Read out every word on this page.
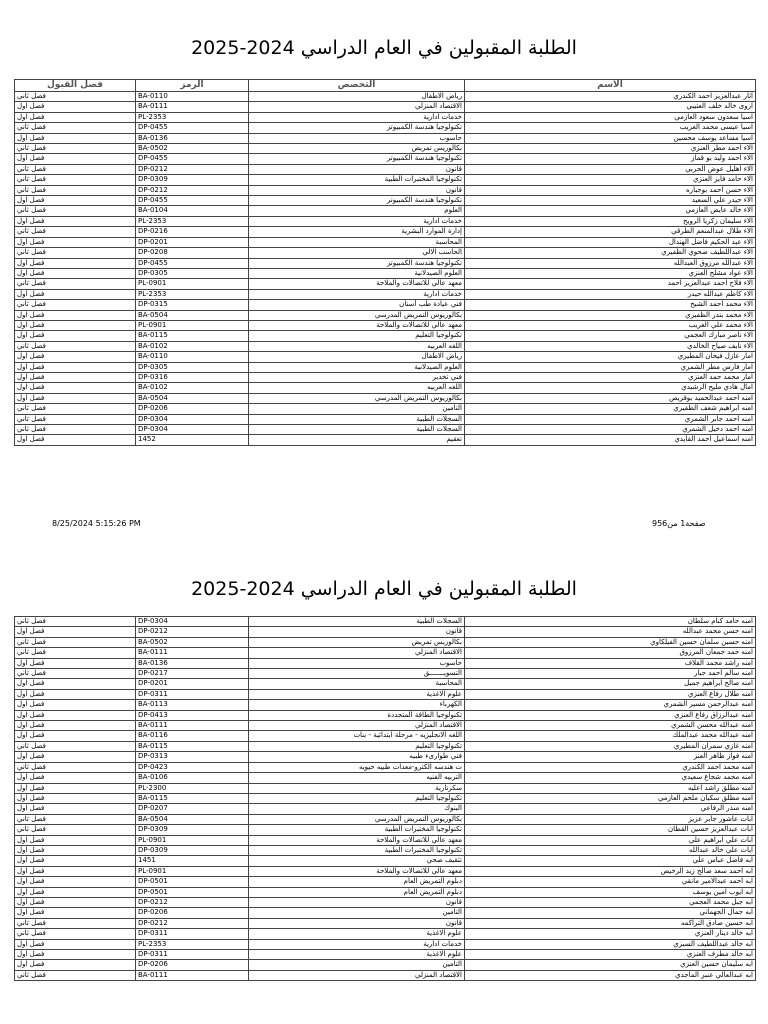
الطلبة المقبولين في العام الدراسي 2024-2025
الاسم	التخصص	الرمز	فصل القبول
اثار عبدالعزيز احمد الكندري	رياض الاطفال	BA-0110	فصل ثاني
اروى خالد خلف العتيبي	الاقتصاد المنزلي	BA-0111	فصل اول
اسيا سعدون سعود العازمي	خدمات ادارية	PL-2353	فصل اول
اسيا عيسى محمد الغريب	تكنولوجيا هندسة الكمبيوتر	DP-0455	فصل ثاني
اسيا مساعد يوسف محسين	حاسوب	BA-0136	فصل اول
الاء احمد مطر العنزي	بكالوريس تمريض	BA-0502	فصل ثاني
الاء احمد وليد بو قماز	تكنولوجيا هندسة الكمبيوتر	DP-0455	فصل اول
الاء اهليل عوض الحربي	قانون	DP-0212	فصل ثاني
الاء حامد فايز العنزي	تكنولوجيا المختبرات الطبية	DP-0309	فصل ثاني
الاء حسن احمد بوجباره	قانون	DP-0212	فصل ثاني
الاء حيدر علي السعيد	تكنولوجيا هندسة الكمبيوتر	DP-0455	فصل اول
الاء خالد عايض العازمي	العلوم	BA-0104	فصل ثاني
الاء سليمان زكريا الرويح	خدمات ادارية	PL-2353	فصل اول
الاء طلال عبدالمنعم الطرقي	إدارة الموارد البشرية	DP-0216	فصل ثاني
الاء عبد الحكيم فاضل الهندال	المحاسبة	DP-0201	فصل اول
الاء عبداللطيف صحوي الظفيري	الحاسب الالي	DP-0208	فصل ثاني
الاء عبدالله مرزوق العبدالله	تكنولوجيا هندسة الكمبيوتر	DP-0455	فصل اول
الاء عواد مشلح العنزي	العلوم الصيدلانية	DP-0305	فصل اول
الاء فلاح احمد عبدالعزيز احمد	معهد عالي للاتصالات والملاحة	PL-0901	فصل ثاني
الاء كاظم عبدالله حيدر	خدمات ادارية	PL-2353	فصل اول
الاء محمد احمد الشيخ	فني عيادة طب أسنان	DP-0315	فصل ثاني
الاء محمد بندر الظفيري	بكالوريوس التمريض المدرسي	BA-0504	فصل اول
الاء محمد علي الغريب	معهد عالي للاتصالات والملاحة	PL-0901	فصل اول
الاء ناصر مبارك العجمي	تكنولوجيا التعليم	BA-0115	فصل اول
الاء نايف صياح الخالدي	اللغه العربيه	BA-0102	فصل ثاني
امار عازل فيحان المطيري	رياض الاطفال	BA-0110	فصل اول
امار فارس مطر الشمري	العلوم الصيدلانية	DP-0305	فصل اول
امار محمد حمد العنزي	فني تخدير	DP-0316	فصل اول
امال هادي مليح الرشيدي	اللغه العربيه	BA-0102	فصل اول
امنه احمد عبدالحميد بوقريص	بكالوريوس التمريض المدرسي	BA-0504	فصل اول
امنه ابراهيم شعف الظفيري	التامين	DP-0206	فصل ثاني
امنه احمد جابر الشمري	السجلات الطبية	DP-0304	فصل ثاني
امنه احمد دخيل الشمري	السجلات الطبية	DP-0304	فصل ثاني
امنه اسماعيل احمد القايدي	تعقيم	1452	فصل اول
8/25/2024 5:15:26 PM	صفحة1 من956
الطلبة المقبولين في العام الدراسي 2024-2025
امنه حامد كنام سلطان	السجلات الطبية	DP-0304	فصل ثاني
امنه حسن محمد عبدالله	قانون	DP-0212	فصل اول
امنه حسين سلمان حسين الفيلكاوي	بكالوريس تمريض	BA-0502	فصل ثاني
امنه حمد جمعان المرزوق	الاقتصاد المنزلي	BA-0111	فصل ثاني
امنه راشد محمد القلاف	حاسوب	BA-0136	فصل اول
امنه سالم احمد جبار	التسويـــــــق	DP-0217	فصل ثاني
امنه صالح ابراهيم جميل	المحاسبة	DP-0201	فصل اول
امنه طلال رفاع العنزي	علوم الاغذية	DP-0311	فصل اول
امنه عبدالرحمن مسير الشمري	الكهرباء	BA-0113	فصل اول
امنه عبدالرزاق رفاع العنزي	تكنولوجيا الطاقة المتجددة	DP-0413	فصل اول
امنه عبدالله محسن الشمري	الاقتصاد المنزلي	BA-0111	فصل اول
امنه عبدالله محمد عبدالملك	اللغه الانجليزيه - مرحلة ابتدائية - بنات	BA-0116	فصل اول
امنه غازي سمران المطيري	تكنولوجيا التعليم	BA-0115	فصل ثاني
امنه فواز ظاهر العنز	فني طوارىء طبيه	DP-0313	فصل اول
امنه محمد احمد الكندري	ت هندسه الكترو-معدات طبيه حيويه	DP-0423	فصل ثاني
امنه محمد شجاع سعيدي	التربيه الفنيه	BA-0106	فصل اول
امنه مطلق راشد اعليه	سكرتارية	PL-2300	فصل اول
امنه مطلق سكيان ملحم العازمي	تكنولوجيا التعليم	BA-0115	فصل اول
امنه منذر الرفاعي	البنوك	DP-0207	فصل اول
ابات عاشور جابر عزيز	بكالوريوس التمريض المدرسي	BA-0504	فصل ثاني
ابات عبدالعزيز حسين القطان	تكنولوجيا المختبرات الطبية	DP-0309	فصل ثاني
ابات علي ابراهيم علي	معهد عالي للاتصالات والملاحة	PL-0901	فصل اول
ابات علي خالد عبدالله	تكنولوجيا المختبرات الطبية	DP-0309	فصل اول
ابه فاضل عباس علي	تثقيف صحي	1451	فصل اول
ابه احمد سعد صالح زيد الرخيص	معهد عالي للاتصالات والملاحة	PL-0901	فصل اول
ابه احمد عبدالامير مانقي	دبلوم التمريض العام	DP-0501	فصل اول
ابه ايوب امين يوسف	دبلوم التمريض العام	DP-0501	فصل اول
ابه جبل محمد العجمي	قانون	DP-0212	فصل اول
ابه جمال الجهماني	التامين	DP-0206	فصل اول
ابه حسين صادق التراكمه	قانون	DP-0212	فصل ثاني
ابه خالد دينار العنزي	علوم الاغذية	DP-0311	فصل ثاني
ابه خالد عبداللطيف السبزي	خدمات ادارية	PL-2353	فصل اول
ابه خالد مطرف العنزي	علوم الاغذية	DP-0311	فصل اول
ابه سليمان حسين العنزي	التامين	DP-0206	فصل اول
ابه عبدالعالي عنبر الماجدي	الاقتصاد المنزلي	BA-0111	فصل ثاني
